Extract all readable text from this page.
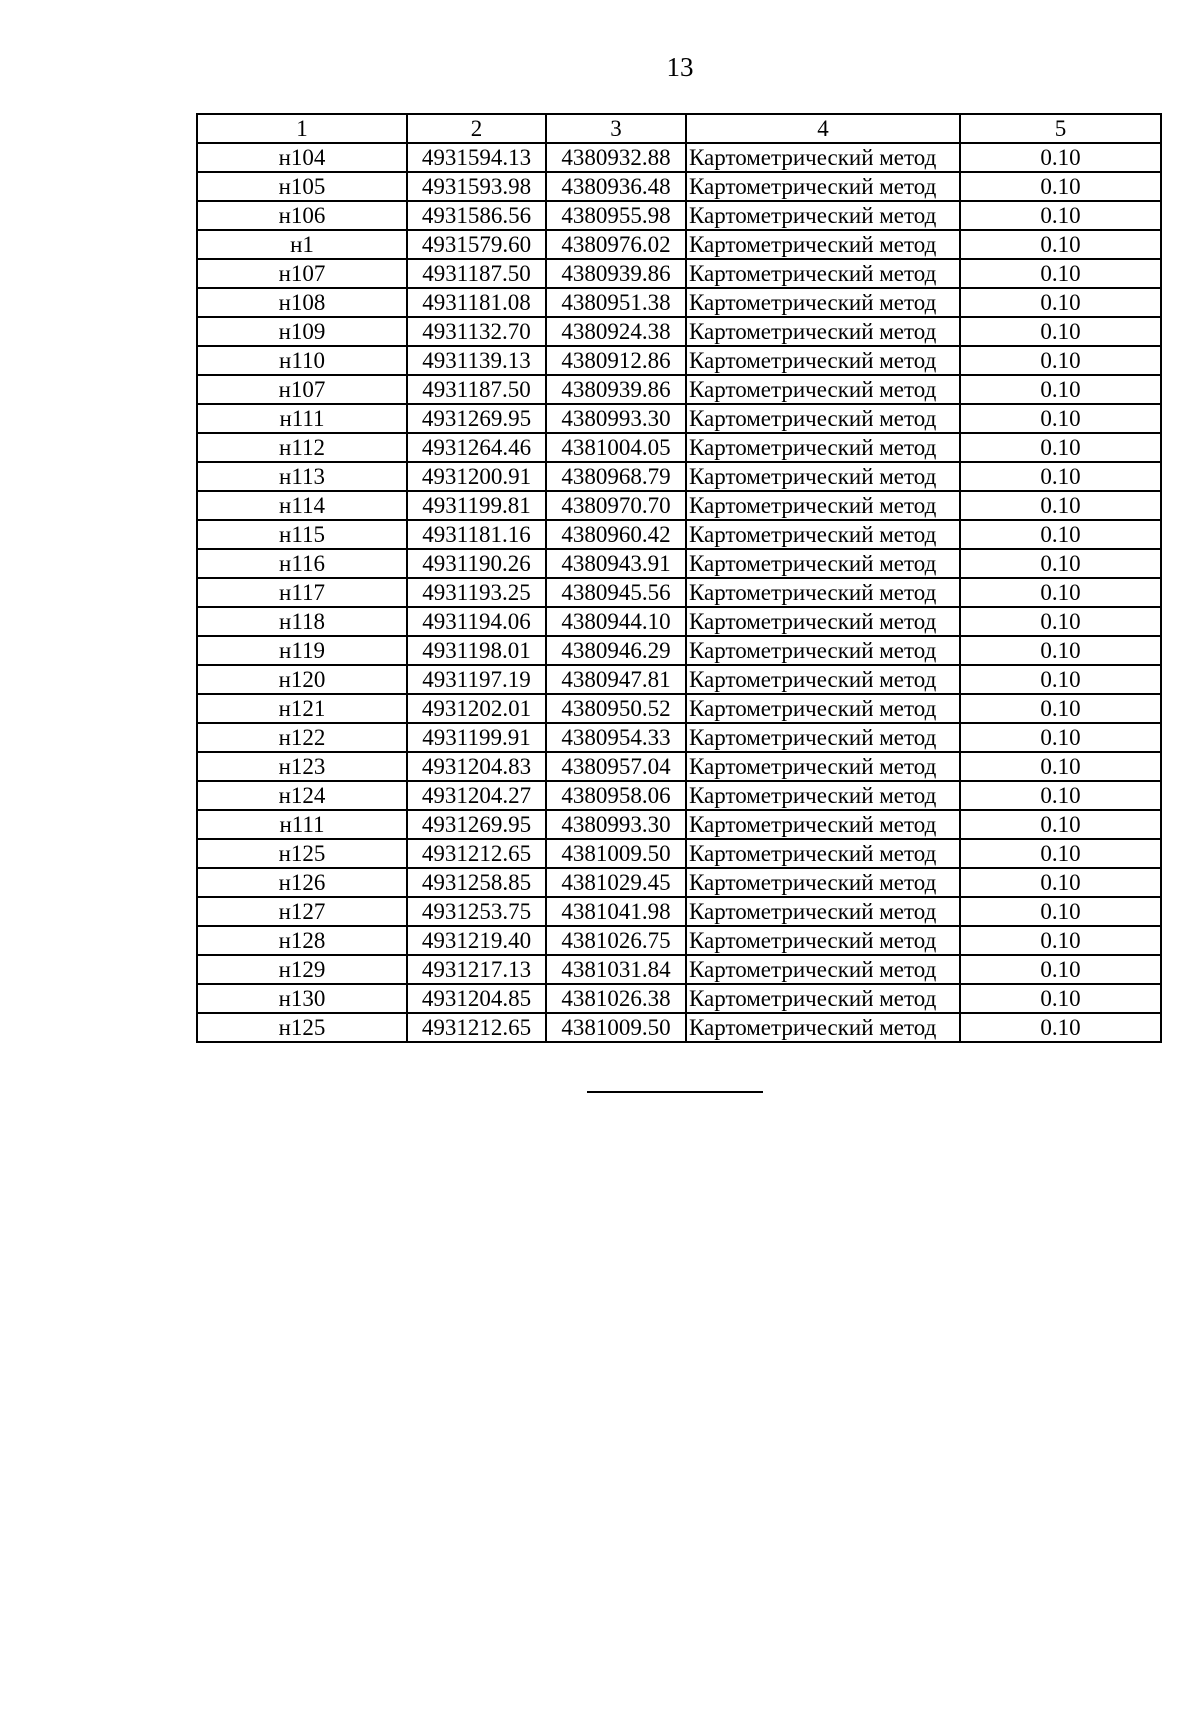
13
1	2	3	4	5
н104	4931594.13	4380932.88	Картометрический метод	0.10
н105	4931593.98	4380936.48	Картометрический метод	0.10
н106	4931586.56	4380955.98	Картометрический метод	0.10
н1	4931579.60	4380976.02	Картометрический метод	0.10
н107	4931187.50	4380939.86	Картометрический метод	0.10
н108	4931181.08	4380951.38	Картометрический метод	0.10
н109	4931132.70	4380924.38	Картометрический метод	0.10
н110	4931139.13	4380912.86	Картометрический метод	0.10
н107	4931187.50	4380939.86	Картометрический метод	0.10
н111	4931269.95	4380993.30	Картометрический метод	0.10
н112	4931264.46	4381004.05	Картометрический метод	0.10
н113	4931200.91	4380968.79	Картометрический метод	0.10
н114	4931199.81	4380970.70	Картометрический метод	0.10
н115	4931181.16	4380960.42	Картометрический метод	0.10
н116	4931190.26	4380943.91	Картометрический метод	0.10
н117	4931193.25	4380945.56	Картометрический метод	0.10
н118	4931194.06	4380944.10	Картометрический метод	0.10
н119	4931198.01	4380946.29	Картометрический метод	0.10
н120	4931197.19	4380947.81	Картометрический метод	0.10
н121	4931202.01	4380950.52	Картометрический метод	0.10
н122	4931199.91	4380954.33	Картометрический метод	0.10
н123	4931204.83	4380957.04	Картометрический метод	0.10
н124	4931204.27	4380958.06	Картометрический метод	0.10
н111	4931269.95	4380993.30	Картометрический метод	0.10
н125	4931212.65	4381009.50	Картометрический метод	0.10
н126	4931258.85	4381029.45	Картометрический метод	0.10
н127	4931253.75	4381041.98	Картометрический метод	0.10
н128	4931219.40	4381026.75	Картометрический метод	0.10
н129	4931217.13	4381031.84	Картометрический метод	0.10
н130	4931204.85	4381026.38	Картометрический метод	0.10
н125	4931212.65	4381009.50	Картометрический метод	0.10
